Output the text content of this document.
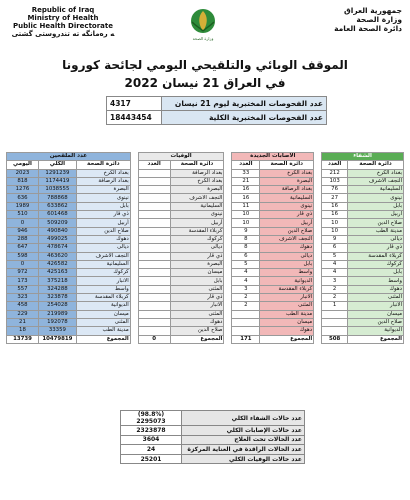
Republic of Iraq
Ministry of Health
Public Health Directorate
ﻪ ﺭﻩﻣﺎﻧﮕﻪ ﺗﻪ ﺗﻨﺪﺭﻭﺳﺘﻰ ﮔﺸﺘﻰ
ﻭﺯﺍﺭﺓ ﺍﻟﺼﺤﺔ
ﺟﻤﻬﻮﺭﻳﺔ ﺍﻟﻌﺮﺍﻕ
ﻭﺯﺍﺭﺓ ﺍﻟﺼﺤﺔ
ﺩﺍﺋﺮﺓ ﺍﻟﺼﺤﺔ ﺍﻟﻌﺎﻣﺔ
ﺍﻟﻤﻮﻗﻒ ﺍﻟﻮﺑﺎﺋﻲ ﻭﺍﻟﺘﻠﻘﻴﺤﻲ ﺍﻟﻴﻮﻣﻲ ﻟﺠﺎﺋﺤﺔ ﻛﻮﺭﻭﻧﺎ
ﻓﻲ ﺍﻟﻌﺮﺍﻕ 21 ﻧﻴﺴﺎﻥ 2022
4317	ﻋﺪﺩ ﺍﻟﻔﺤﻮﺻﺎﺕ ﺍﻟﻤﺨﺘﺒﺮﻳﺔ ﻟﻴﻮﻡ 21 ﻧﻴﺴﺎﻥ
18443454	ﻋﺪﺩ ﺍﻟﻔﺤﻮﺻﺎﺕ ﺍﻟﻤﺨﺘﺒﺮﻳﺔ ﺍﻟﻜﻠﻴﺔ
ﻋﺪﺩ ﺍﻟﻤﻠﻘﺤﻴﻦ				ﺍﻟﻮﻓﻴﺎﺕ			ﺍﻻﺻﺎﺑﺎﺕ ﺍﻟﺠﺪﻳﺪﺓ			ﺍﻟﺸﻔﺎﺀ	
ﺍﻟﻴﻮﻣﻲ	ﺍﻟﻜﻠﻲ	ﺩﺍﺋﺮﺓ ﺍﻟﺼﺤﺔ		ﺍﻟﻌﺪﺩ	ﺩﺍﺋﺮﺓ ﺍﻟﺼﺤﺔ		ﺍﻟﻌﺪﺩ	ﺩﺍﺋﺮﺓ ﺍﻟﺼﺤﺔ		ﺍﻟﻌﺪﺩ	ﺩﺍﺋﺮﺓ ﺍﻟﺼﺤﺔ
2023	1291239	ﺑﻐﺪﺍﺩ ﺍﻟﻜﺮﺥ			ﺑﻐﺪﺍﺩ ﺍﻟﺮﺻﺎﻓﺔ		33	ﺑﻐﺪﺍﺩ ﺍﻟﻜﺮﺥ		212	ﺑﻐﺪﺍﺩ ﺍﻟﻜﺮﺥ
818	1174419	ﺑﻐﺪﺍﺩ ﺍﻟﺮﺻﺎﻓﺔ			ﺑﻐﺪﺍﺩ ﺍﻟﻜﺮﺥ		21	ﺍﻟﺒﺼﺮﺓ		103	ﺍﻟﻨﺠﻒ ﺍﻻﺷﺮﻑ
1276	1038555	ﺍﻟﺒﺼﺮﺓ			ﺍﻟﺒﺼﺮﺓ		16	ﺑﻐﺪﺍﺩ ﺍﻟﺮﺻﺎﻓﺔ		76	ﺍﻟﺴﻠﻴﻤﺎﻧﻴﺔ
636	788868	ﻧﻴﻨﻮﻯ			ﺍﻟﻨﺠﻒ ﺍﻻﺷﺮﻑ		16	ﺍﻟﺴﻠﻴﻤﺎﻧﻴﺔ		27	ﻧﻴﻨﻮﻯ
1989	633862	ﺑﺎﺑﻞ			ﺍﻟﺴﻠﻴﻤﺎﻧﻴﺔ		11	ﻧﻴﻨﻮﻯ		16	ﺑﺎﺑﻞ
510	601468	ﺫﻱ ﻗﺎﺭ			ﻧﻴﻨﻮﻯ		10	ﺫﻱ ﻗﺎﺭ		16	ﺃﺭﺑﻴﻞ
0	509209	ﺃﺭﺑﻴﻞ			ﺃﺭﺑﻴﻞ		10	ﺃﺭﺑﻴﻞ		10	ﺻﻼﺡ ﺍﻟﺪﻳﻦ
946	490840	ﺻﻼﺡ ﺍﻟﺪﻳﻦ			ﻛﺮﺑﻼﺀ ﺍﻟﻤﻘﺪﺳﺔ		9	ﺻﻼﺡ ﺍﻟﺪﻳﻦ		10	ﻣﺪﻳﻨﺔ ﺍﻟﻄﺐ
288	499025	ﺩﻫﻮﻙ			ﻛﺮﻛﻮﻙ		8	ﺍﻟﻨﺠﻒ ﺍﻻﺷﺮﻑ		9	ﺩﻳﺎﻟﻰ
647	478674	ﺩﻳﺎﻟﻰ			ﺩﻳﺎﻟﻰ		8	ﺩﻫﻮﻙ		6	ﺫﻱ ﻗﺎﺭ
598	463620	ﺍﻟﻨﺠﻒ ﺍﻻﺷﺮﻑ			ﺫﻱ ﻗﺎﺭ		6	ﺩﻳﺎﻟﻰ		5	ﻛﺮﺑﻼﺀ ﺍﻟﻤﻘﺪﺳﺔ
0	426582	ﺍﻟﺴﻠﻴﻤﺎﻧﻴﺔ			ﺍﻟﺒﺼﺮﺓ		5	ﺑﺎﺑﻞ		4	ﻛﺮﻛﻮﻙ
972	425163	ﻛﺮﻛﻮﻙ			ﻣﻴﺴﺎﻥ		4	ﻭﺍﺳﻂ		4	ﺑﺎﺑﻞ
173	375218	ﺍﻻﻧﺒﺎﺭ			ﺑﺎﺑﻞ		4	ﺍﻟﺪﻳﻮﺍﻧﻴﺔ		3	ﻭﺍﺳﻂ
557	324288	ﻭﺍﺳﻂ			ﺍﻟﻤﺜﻨﻰ		3	ﻛﺮﺑﻼﺀ ﺍﻟﻤﻘﺪﺳﺔ		2	ﺩﻫﻮﻙ
323	323878	ﻛﺮﺑﻼﺀ ﺍﻟﻤﻘﺪﺳﺔ			ﺫﻱ ﻗﺎﺭ		2	ﺍﻻﻧﺒﺎﺭ		2	ﺍﻟﻤﺜﻨﻰ
458	254028	ﺍﻟﺪﻳﻮﺍﻧﻴﺔ			ﺍﻻﻧﺒﺎﺭ		2	ﺍﻟﻤﺜﻨﻰ		1	ﺍﻻﻧﺒﺎﺭ
229	219989	ﻣﻴﺴﺎﻥ			ﺍﻟﻤﺜﻨﻰ			ﻣﺪﻳﻨﺔ ﺍﻟﻄﺐ			ﻣﻴﺴﺎﻥ
21	192078	ﺍﻟﻤﺜﻨﻰ			ﺩﻫﻮﻙ			ﻣﻴﺴﺎﻥ			ﺻﻼﺡ ﺍﻟﺪﻳﻦ
18	33359	ﻣﺪﻳﻨﺔ ﺍﻟﻄﺐ			ﺻﻼﺡ ﺍﻟﺪﻳﻦ			ﺩﻫﻮﻙ			ﺍﻟﺪﻳﻮﺍﻧﻴﺔ
13739	10479819	ﺍﻟﻤﺠﻤﻮﻉ		0	ﺍﻟﻤﺠﻤﻮﻉ		171	ﺍﻟﻤﺠﻤﻮﻉ		508	ﺍﻟﻤﺠﻤﻮﻉ
(98.8%) 2295073	ﻋﺪﺩ ﺣﺎﻻﺕ ﺍﻟﺸﻔﺎﺀ ﺍﻟﻜﻠﻲ
2323878	ﻋﺪﺩ ﺣﺎﻻﺕ ﺍﻹﺻﺎﺑﺎﺕ ﺍﻟﻜﻠﻲ
3604	ﻋﺪﺩ ﺍﻟﺤﺎﻻﺕ ﺗﺤﺖ ﺍﻟﻌﻼﺝ
24	ﻋﺪﺩ ﺍﻟﺤﺎﻻﺕ ﺍﻟﺮﺍﻗﺪﺓ ﻓﻲ ﺍﻟﻌﻨﺎﻳﺔ ﺍﻟﻤﺮﻛﺰﺓ
25201	ﻋﺪﺩ ﺣﺎﻻﺕ ﺍﻟﻮﻓﻴﺎﺕ ﺍﻟﻜﻠﻲ
